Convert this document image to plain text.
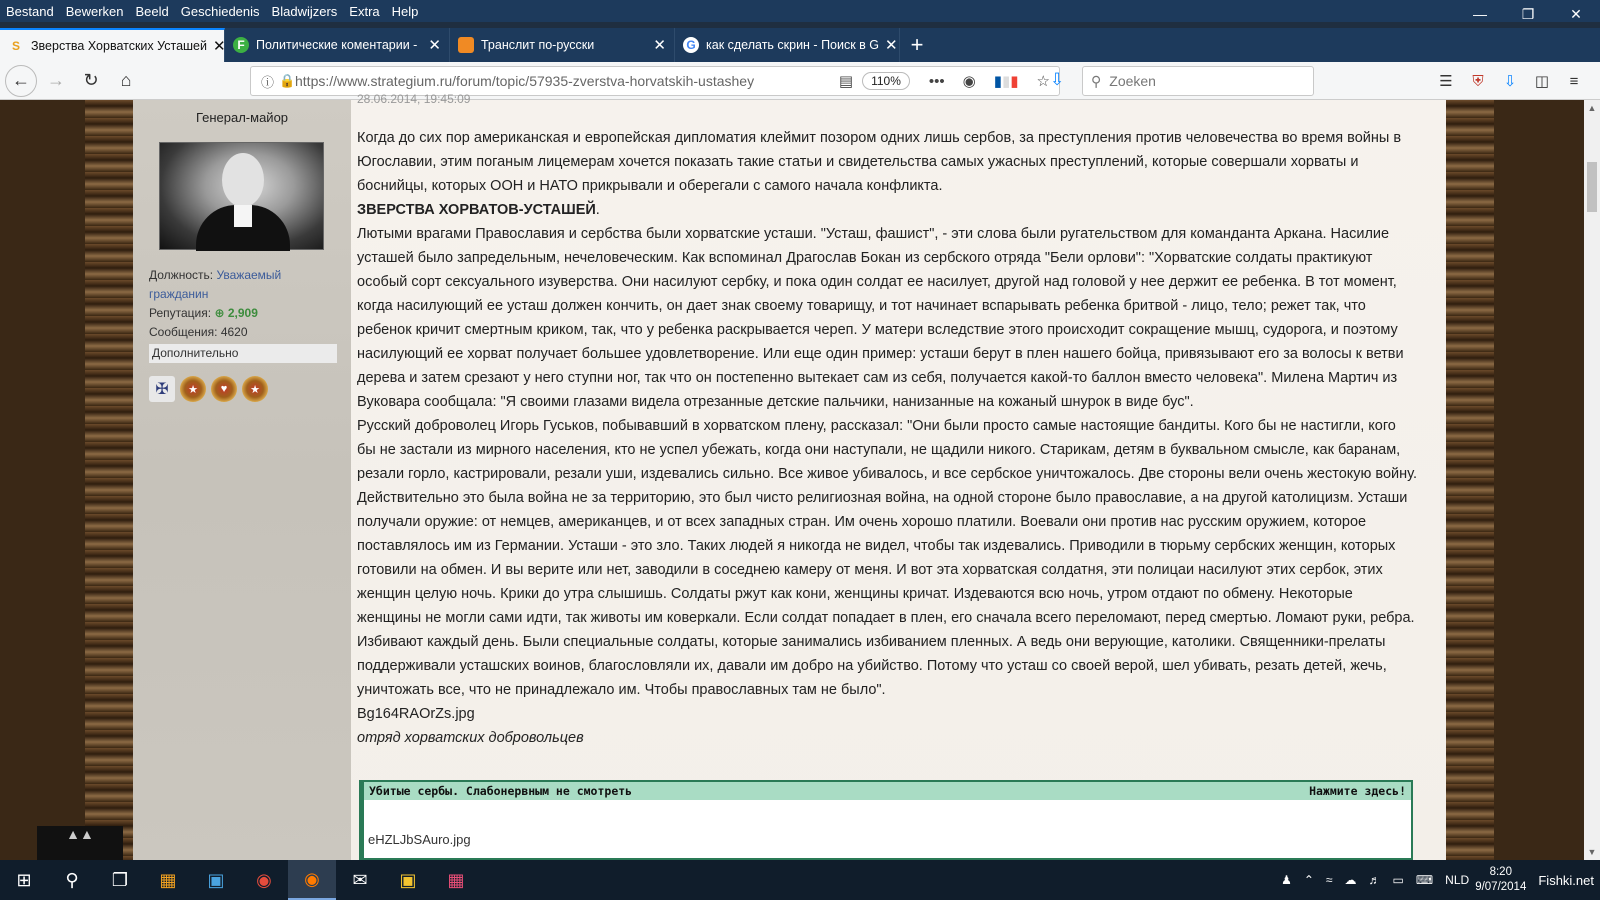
Bestand Bewerken Beeld Geschiedenis Bladwijzers Extra Help	—	❐	✕
S Зверства Хорватских Усташей ✕ F Политические коментарии - ✕	Транслит по-русски	✕ G как сделать скрин - Поиск в G ✕ +
← →	↻	⌂	ⓘ 🔒 https://www.strategium.ru/forum/topic/57935-zverstva-horvatskih-ustashey	▤	110%	••• ◉ ▮▮▮ ☆ ⇩ ⚲ Zoeken	☰	⛨	⇩	◫	≡
Генерал-майор
Должность: Уважаемый гражданин
Репутация: ⊕ 2,909
Сообщения: 4620
Дополнительно
✠	★	♥	★
28.06.2014, 19:45:09

Когда до сих пор американская и европейская дипломатия клеймит позором одних лишь сербов, за преступления против человечества во время войны в Югославии, этим поганым лицемерам хочется показать такие статьи и свидетельства самых ужасных преступлений, которые совершали хорваты и боснийцы, которых ООН и НАТО прикрывали и оберегали с самого начала конфликта.

ЗВЕРСТВА ХОРВАТОВ-УСТАШЕЙ.

Лютыми врагами Православия и сербства были хорватские усташи. "Усташ, фашист", - эти слова были ругательством для команданта Аркана. Насилие усташей было запредельным, нечеловеческим. Как вспоминал Драгослав Бокан из сербского отряда "Бели орлови": "Хорватские солдаты практикуют особый сорт сексуального изуверства. Они насилуют сербку, и пока один солдат ее насилует, другой над головой у нее держит ее ребенка. В тот момент, когда насилующий ее усташ должен кончить, он дает знак своему товарищу, и тот начинает вспарывать ребенка бритвой - лицо, тело; режет так, что ребенок кричит смертным криком, так, что у ребенка раскрывается череп. У матери вследствие этого происходит сокращение мышц, судорога, и поэтому насилующий ее хорват получает большее удовлетворение. Или еще один пример: усташи берут в плен нашего бойца, привязывают его за волосы к ветви дерева и затем срезают у него ступни ног, так что он постепенно вытекает сам из себя, получается какой-то баллон вместо человека". Милена Мартич из Вуковара сообщала: "Я своими глазами видела отрезанные детские пальчики, нанизанные на кожаный шнурок в виде бус".

Русский доброволец Игорь Гуськов, побывавший в хорватском плену, рассказал: "Они были просто самые настоящие бандиты. Кого бы не настигли, кого бы не застали из мирного населения, кто не успел убежать, когда они наступали, не щадили никого. Старикам, детям в буквальном смысле, как баранам, резали горло, кастрировали, резали уши, издевались сильно. Все живое убивалось, и все сербское уничтожалось. Две стороны вели очень жестокую войну. Действительно это была война не за территорию, это был чисто религиозная война, на одной стороне было православие, а на другой католицизм. Усташи получали оружие: от немцев, американцев, и от всех западных стран. Им очень хорошо платили. Воевали они против нас русским оружием, которое поставлялось им из Германии. Усташи - это зло. Таких людей я никогда не видел, чтобы так издевались. Приводили в тюрьму сербских женщин, которых готовили на обмен. И вы верите или нет, заводили в соседнею камеру от меня. И вот эта хорватская солдатня, эти полицаи насилуют этих сербок, этих женщин целую ночь. Крики до утра слышишь. Солдаты ржут как кони, женщины кричат. Издеваются всю ночь, утром отдают по обмену. Некоторые женщины не могли сами идти, так животы им коверкали. Если солдат попадает в плен, его сначала всего переломают, перед смертью. Ломают руки, ребра. Избивают каждый день. Были специальные солдаты, которые занимались избиванием пленных. А ведь они верующие, католики. Священники-прелаты поддерживали усташских воинов, благословляли их, давали им добро на убийство. Потому что усташ со своей верой, шел убивать, резать детей, жечь, уничтожать все, что не принадлежало им. Чтобы православных там не было".

Bg164RAOrZs.jpg

отряд хорватских добровольцев

Убитые сербы. Слабонервным не смотреть	Нажмите здесь!
eHZLJbSAuro.jpg
▲▲
▲
▼
⊞	⚲	❐	▦	▣	◉	◉	✉	▣	▦	♟ ⌃ ≈ ☁ ♬ ▭ ⌨ NLD
8:20
9/07/2014 Fishki.net
